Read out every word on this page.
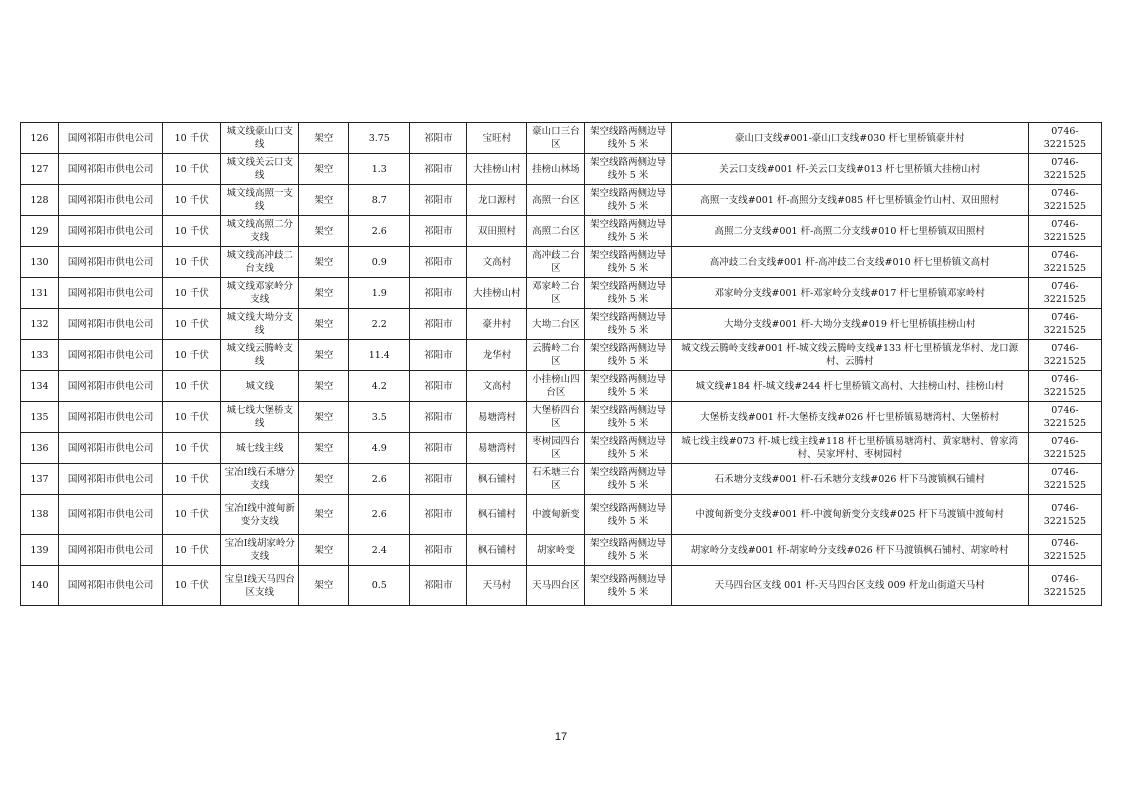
126	国网祁阳市供电公司	10 千伏	城文线豪山口支线	架空	3.75	祁阳市	宝旺村	豪山口三台区	架空线路两侧边导线外 5 米	豪山口支线#001-豪山口支线#030 杆七里桥镇豪井村	0746-3221525
127	国网祁阳市供电公司	10 千伏	城文线关云口支线	架空	1.3	祁阳市	大挂榜山村	挂榜山林场	架空线路两侧边导线外 5 米	关云口支线#001 杆-关云口支线#013 杆七里桥镇大挂榜山村	0746-3221525
128	国网祁阳市供电公司	10 千伏	城文线高照一支线	架空	8.7	祁阳市	龙口源村	高照一台区	架空线路两侧边导线外 5 米	高照一支线#001 杆-高照分支线#085 杆七里桥镇金竹山村、双田照村	0746-3221525
129	国网祁阳市供电公司	10 千伏	城文线高照二分支线	架空	2.6	祁阳市	双田照村	高照二台区	架空线路两侧边导线外 5 米	高照二分支线#001 杆-高照二分支线#010 杆七里桥镇双田照村	0746-3221525
130	国网祁阳市供电公司	10 千伏	城文线高冲歧二台支线	架空	0.9	祁阳市	文高村	高冲歧二台区	架空线路两侧边导线外 5 米	高冲歧二台支线#001 杆-高冲歧二台支线#010 杆七里桥镇文高村	0746-3221525
131	国网祁阳市供电公司	10 千伏	城文线邓家岭分支线	架空	1.9	祁阳市	大挂榜山村	邓家岭二台区	架空线路两侧边导线外 5 米	邓家岭分支线#001 杆-邓家岭分支线#017 杆七里桥镇邓家岭村	0746-3221525
132	国网祁阳市供电公司	10 千伏	城文线大坳分支线	架空	2.2	祁阳市	豪井村	大坳二台区	架空线路两侧边导线外 5 米	大坳分支线#001 杆-大坳分支线#019 杆七里桥镇挂榜山村	0746-3221525
133	国网祁阳市供电公司	10 千伏	城文线云腾岭支线	架空	11.4	祁阳市	龙华村	云腾岭二台区	架空线路两侧边导线外 5 米	城文线云腾岭支线#001 杆-城文线云腾岭支线#133 杆七里桥镇龙华村、龙口源村、云腾村	0746-3221525
134	国网祁阳市供电公司	10 千伏	城文线	架空	4.2	祁阳市	文高村	小挂榜山四台区	架空线路两侧边导线外 5 米	城文线#184 杆-城文线#244 杆七里桥镇文高村、大挂榜山村、挂榜山村	0746-3221525
135	国网祁阳市供电公司	10 千伏	城七线大堡桥支线	架空	3.5	祁阳市	易塘湾村	大堡桥四台区	架空线路两侧边导线外 5 米	大堡桥支线#001 杆-大堡桥支线#026 杆七里桥镇易塘湾村、大堡桥村	0746-3221525
136	国网祁阳市供电公司	10 千伏	城七线主线	架空	4.9	祁阳市	易塘湾村	枣树园四台区	架空线路两侧边导线外 5 米	城七线主线#073 杆-城七线主线#118 杆七里桥镇易塘湾村、黄家塘村、曾家湾村、吴家坪村、枣树园村	0746-3221525
137	国网祁阳市供电公司	10 千伏	宝冶Ⅰ线石禾塘分支线	架空	2.6	祁阳市	枫石铺村	石禾塘三台区	架空线路两侧边导线外 5 米	石禾塘分支线#001 杆-石禾塘分支线#026 杆下马渡镇枫石铺村	0746-3221525
138	国网祁阳市供电公司	10 千伏	宝冶Ⅰ线中渡甸新变分支线	架空	2.6	祁阳市	枫石铺村	中渡甸新变	架空线路两侧边导线外 5 米	中渡甸新变分支线#001 杆-中渡甸新变分支线#025 杆下马渡镇中渡甸村	0746-3221525
139	国网祁阳市供电公司	10 千伏	宝冶Ⅰ线胡家岭分支线	架空	2.4	祁阳市	枫石铺村	胡家岭变	架空线路两侧边导线外 5 米	胡家岭分支线#001 杆-胡家岭分支线#026 杆下马渡镇枫石铺村、胡家岭村	0746-3221525
140	国网祁阳市供电公司	10 千伏	宝皇Ⅰ线天马四台区支线	架空	0.5	祁阳市	天马村	天马四台区	架空线路两侧边导线外 5 米	天马四台区支线 001 杆-天马四台区支线 009 杆龙山街道天马村	0746-3221525
17
